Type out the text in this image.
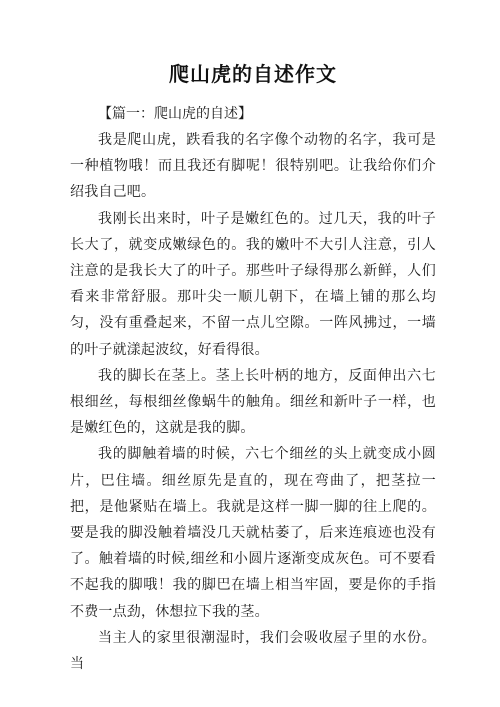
爬山虎的自述作文

【篇一：爬山虎的自述】

我是爬山虎，跌看我的名字像个动物的名字，我可是一种植物哦！而且我还有脚呢！很特别吧。让我给你们介绍我自己吧。

我刚长出来时，叶子是嫩红色的。过几天，我的叶子长大了，就变成嫩绿色的。我的嫩叶不大引人注意，引人注意的是我长大了的叶子。那些叶子绿得那么新鲜，人们看来非常舒服。那叶尖一顺儿朝下，在墙上铺的那么均匀，没有重叠起来，不留一点儿空隙。一阵风拂过，一墙的叶子就漾起波纹，好看得很。

我的脚长在茎上。茎上长叶柄的地方，反面伸出六七根细丝，每根细丝像蜗牛的触角。细丝和新叶子一样，也是嫩红色的，这就是我的脚。

我的脚触着墙的时候，六七个细丝的头上就变成小圆片，巴住墙。细丝原先是直的，现在弯曲了，把茎拉一把，是他紧贴在墙上。我就是这样一脚一脚的往上爬的。要是我的脚没触着墙没几天就枯萎了，后来连痕迹也没有了。触着墙的时候,细丝和小圆片逐渐变成灰色。可不要看不起我的脚哦！我的脚巴在墙上相当牢固，要是你的手指不费一点劲，休想拉下我的茎。

当主人的家里很潮湿时，我们会吸收屋子里的水份。当
